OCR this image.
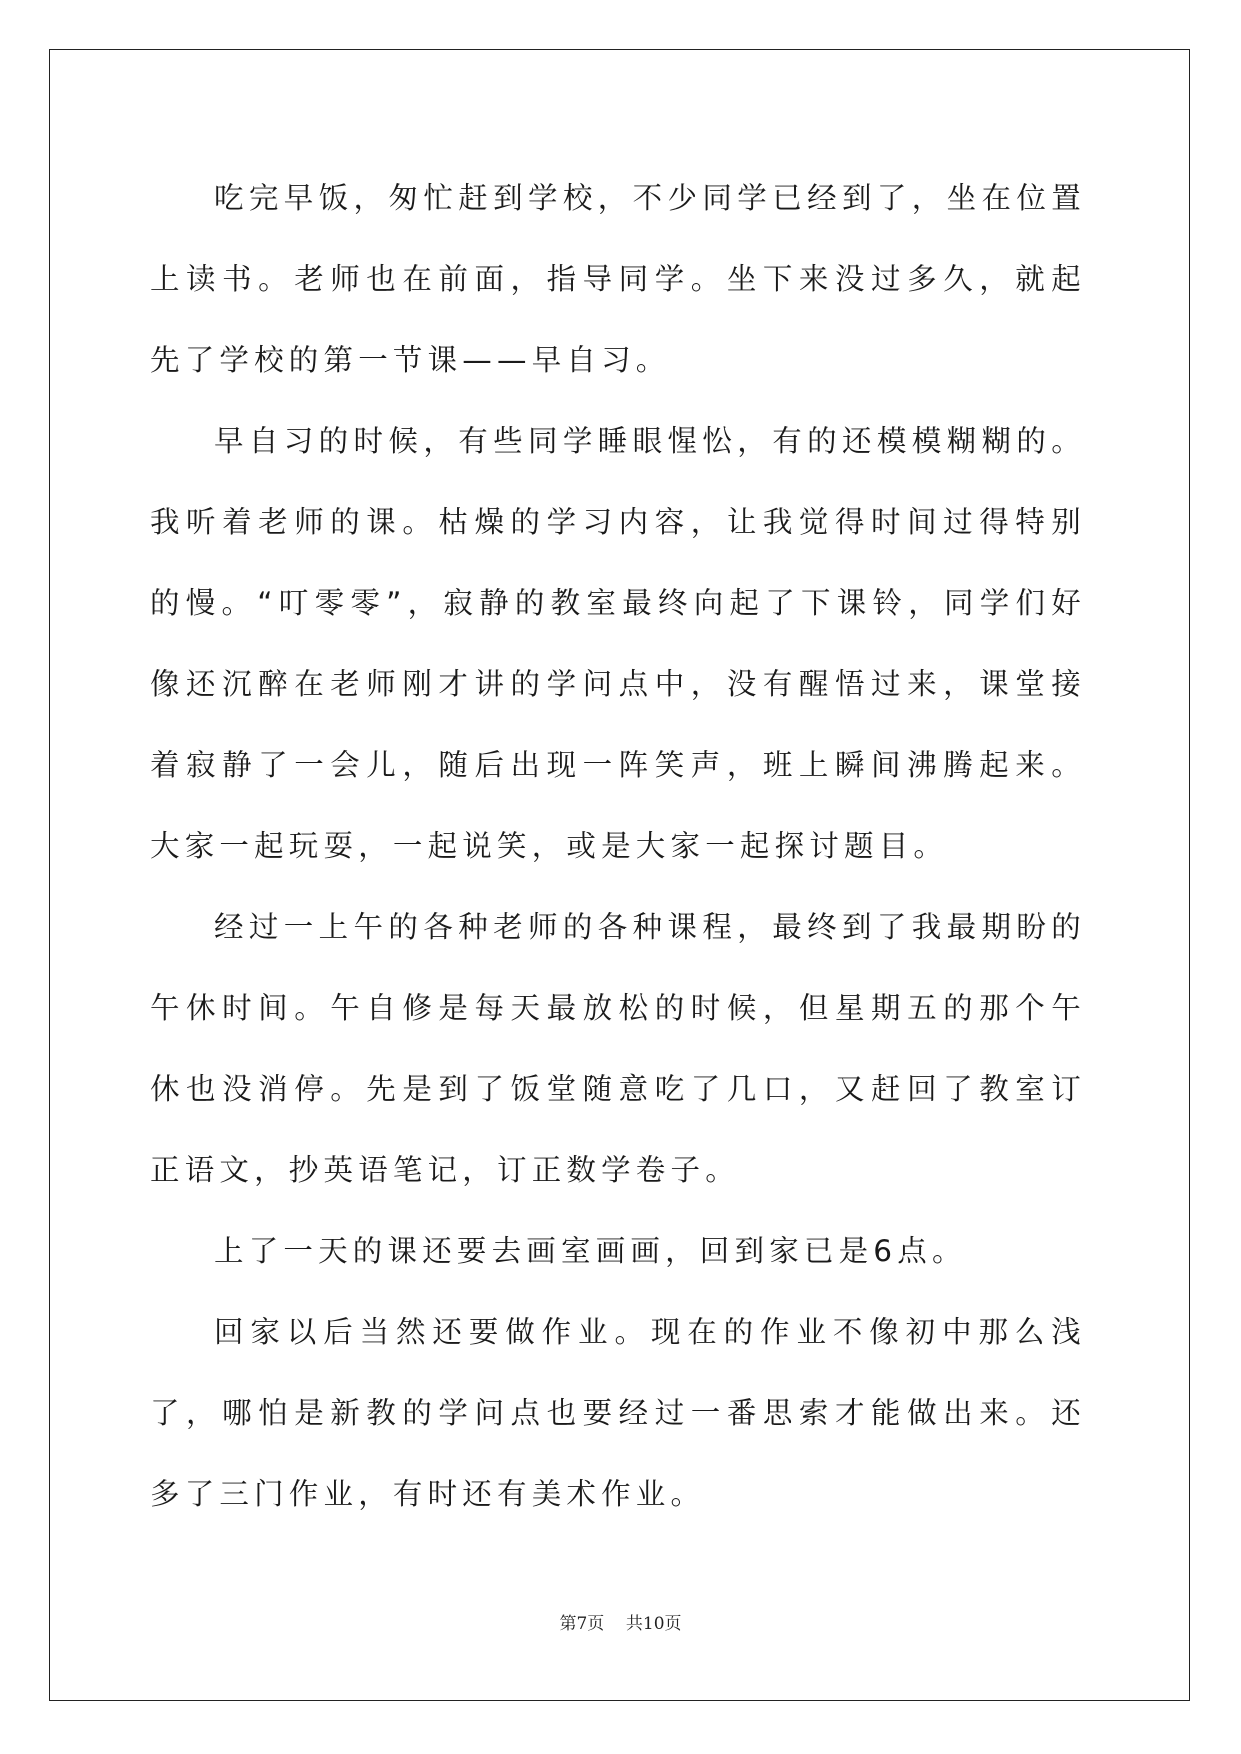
吃完早饭，匆忙赶到学校，不少同学已经到了，坐在位置上读书。老师也在前面，指导同学。坐下来没过多久，就起先了学校的第一节课——早自习。

早自习的时候，有些同学睡眼惺忪，有的还模模糊糊的。我听着老师的课。枯燥的学习内容，让我觉得时间过得特别的慢。“叮零零”，寂静的教室最终向起了下课铃，同学们好像还沉醉在老师刚才讲的学问点中，没有醒悟过来，课堂接着寂静了一会儿，随后出现一阵笑声，班上瞬间沸腾起来。大家一起玩耍，一起说笑，或是大家一起探讨题目。

经过一上午的各种老师的各种课程，最终到了我最期盼的午休时间。午自修是每天最放松的时候，但星期五的那个午休也没消停。先是到了饭堂随意吃了几口，又赶回了教室订正语文，抄英语笔记，订正数学卷子。

上了一天的课还要去画室画画，回到家已是6点。

回家以后当然还要做作业。现在的作业不像初中那么浅了，哪怕是新教的学问点也要经过一番思索才能做出来。还多了三门作业，有时还有美术作业。

第7页    共10页
